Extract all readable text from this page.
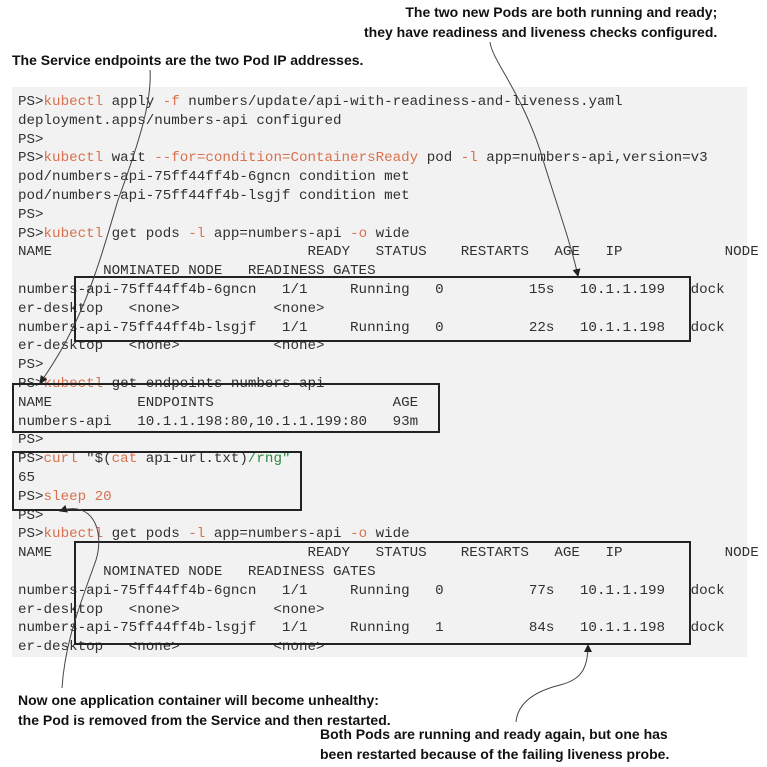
The two new Pods are both running and ready;
they have readiness and liveness checks configured.
The Service endpoints are the two Pod IP addresses.
PS>kubectl apply -f numbers/update/api-with-readiness-and-liveness.yaml
deployment.apps/numbers-api configured
PS>
PS>kubectl wait --for=condition=ContainersReady pod -l app=numbers-api,version=v3
pod/numbers-api-75ff44ff4b-6gncn condition met
pod/numbers-api-75ff44ff4b-lsgjf condition met
PS>
PS>kubectl get pods -l app=numbers-api -o wide
NAME                              READY   STATUS    RESTARTS   AGE   IP            NODE
NOMINATED NODE   READINESS GATES
numbers-api-75ff44ff4b-6gncn   1/1     Running   0          15s   10.1.1.199   dock
er-desktop   <none>           <none>
numbers-api-75ff44ff4b-lsgjf   1/1     Running   0          22s   10.1.1.198   dock
er-desktop   <none>           <none>
PS>
PS>kubectl get endpoints numbers-api
NAME          ENDPOINTS                     AGE
numbers-api   10.1.1.198:80,10.1.1.199:80   93m
PS>
PS>curl "$(cat api-url.txt)/rng"
65
PS>sleep 20
PS>
PS>kubectl get pods -l app=numbers-api -o wide
NAME                              READY   STATUS    RESTARTS   AGE   IP            NODE
NOMINATED NODE   READINESS GATES
numbers-api-75ff44ff4b-6gncn   1/1     Running   0          77s   10.1.1.199   dock
er-desktop   <none>           <none>
numbers-api-75ff44ff4b-lsgjf   1/1     Running   1          84s   10.1.1.198   dock
er-desktop   <none>           <none>
Now one application container will become unhealthy:
the Pod is removed from the Service and then restarted.
Both Pods are running and ready again, but one has
been restarted because of the failing liveness probe.
